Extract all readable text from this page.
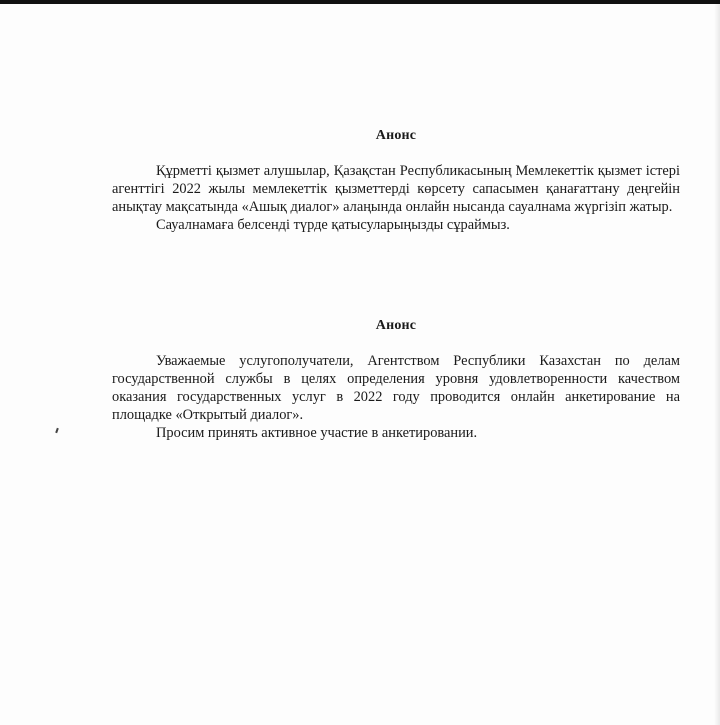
Анонс

Құрметті қызмет алушылар, Қазақстан Республикасының Мемлекеттік қызмет істері агенттігі 2022 жылы мемлекеттік қызметтерді көрсету сапасымен қанағаттану деңгейін анықтау мақсатында «Ашық диалог» алаңында онлайн нысанда сауалнама жүргізіп жатыр.

Сауалнамаға белсенді түрде қатысуларыңызды сұраймыз.

Анонс

Уважаемые услугополучатели, Агентством Республики Казахстан по делам государственной службы в целях определения уровня удовлетворенности качеством оказания государственных услуг в 2022 году проводится онлайн анкетирование на площадке «Открытый диалог».

Просим принять активное участие в анкетировании.
